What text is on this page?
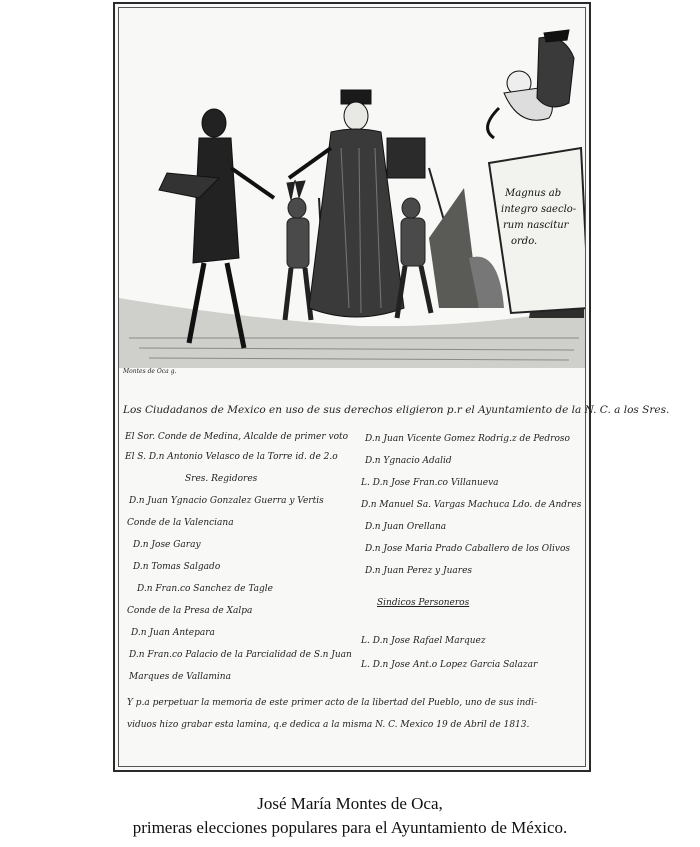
Magnus ab
integro saeclo-
rum nascitur
ordo.
Montes de Oca g.
Los Ciudadanos de Mexico en uso de sus derechos eligieron p.r el Ayuntamiento de la N. C. a los Sres.
El Sor. Conde de Medina, Alcalde de primer voto
El S. D.n Antonio Velasco de la Torre id. de 2.o
Sres. Regidores
D.n Juan Ygnacio Gonzalez Guerra y Vertis
Conde de la Valenciana
D.n Jose Garay
D.n Tomas Salgado
D.n Fran.co Sanchez de Tagle
Conde de la Presa de Xalpa
D.n Juan Antepara
D.n Fran.co Palacio de la Parcialidad de S.n Juan
Marques de Vallamina
D.n Juan Vicente Gomez Rodrig.z de Pedroso
D.n Ygnacio Adalid
L. D.n Jose Fran.co Villanueva
D.n Manuel Sa. Vargas Machuca Ldo. de Andres
D.n Juan Orellana
D.n Jose Maria Prado Caballero de los Olivos
D.n Juan Perez y Juares
Sindicos Personeros
L. D.n Jose Rafael Marquez
L. D.n Jose Ant.o Lopez Garcia Salazar
Y p.a perpetuar la memoria de este primer acto de la libertad del Pueblo, uno de sus indi-
viduos hizo grabar esta lamina, q.e dedica a la misma N. C. Mexico 19 de Abril de 1813.
José María Montes de Oca,
primeras elecciones populares para el Ayuntamiento de México.
